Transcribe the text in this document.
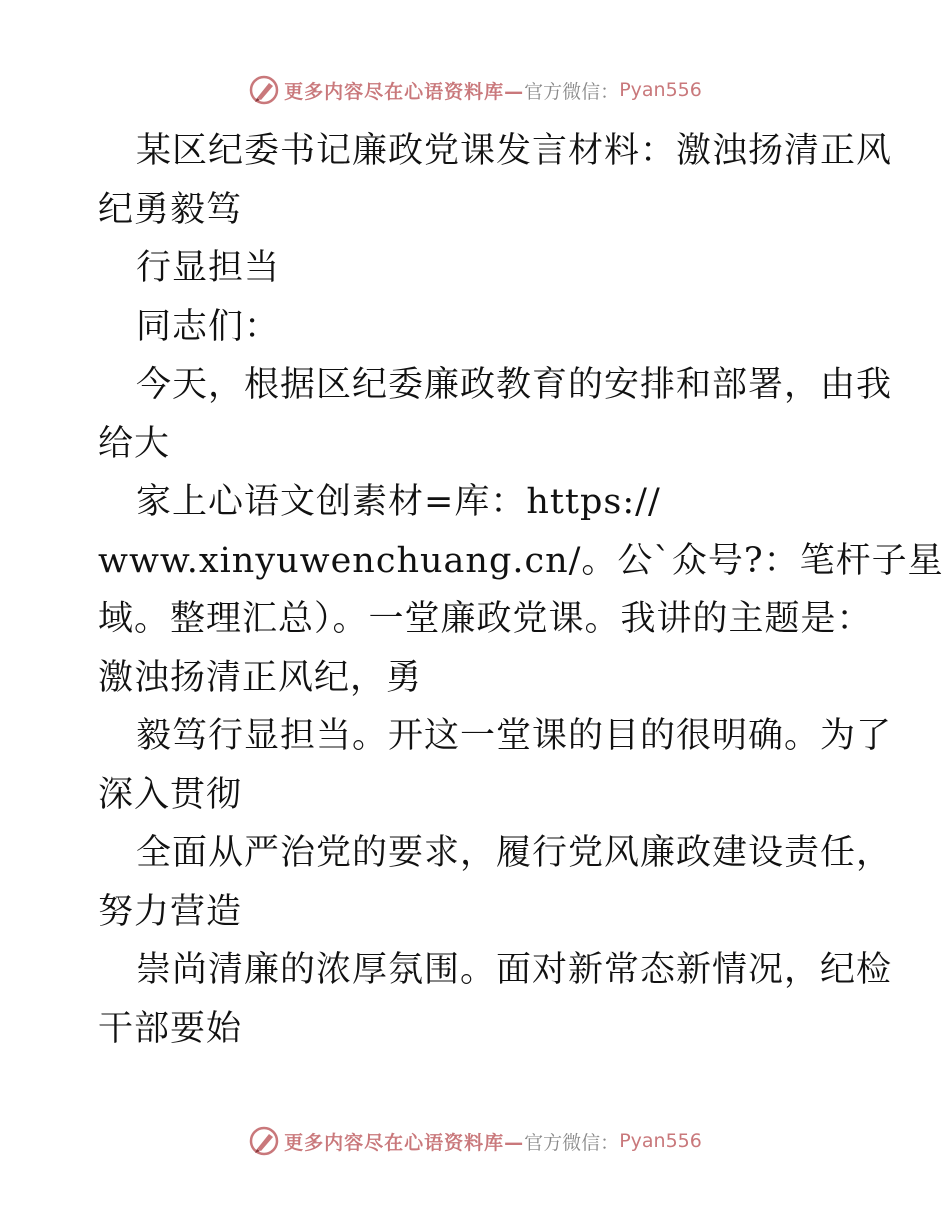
更多内容尽在心语资料库— 官方微信： Pyan556
某区纪委书记廉政党课发言材料：激浊扬清正风
纪勇毅笃
行显担当
同志们：
今天，根据区纪委廉政教育的安排和部署，由我
给大
家上心语文创素材=库：https://
www.xinyuwenchuang.cn/。公`众号?：笔杆子星
域。整理汇总）。一堂廉政党课。我讲的主题是：
激浊扬清正风纪，勇
毅笃行显担当。开这一堂课的目的很明确。为了
深入贯彻
全面从严治党的要求，履行党风廉政建设责任，
努力营造
崇尚清廉的浓厚氛围。面对新常态新情况，纪检
干部要始
更多内容尽在心语资料库— 官方微信： Pyan556
